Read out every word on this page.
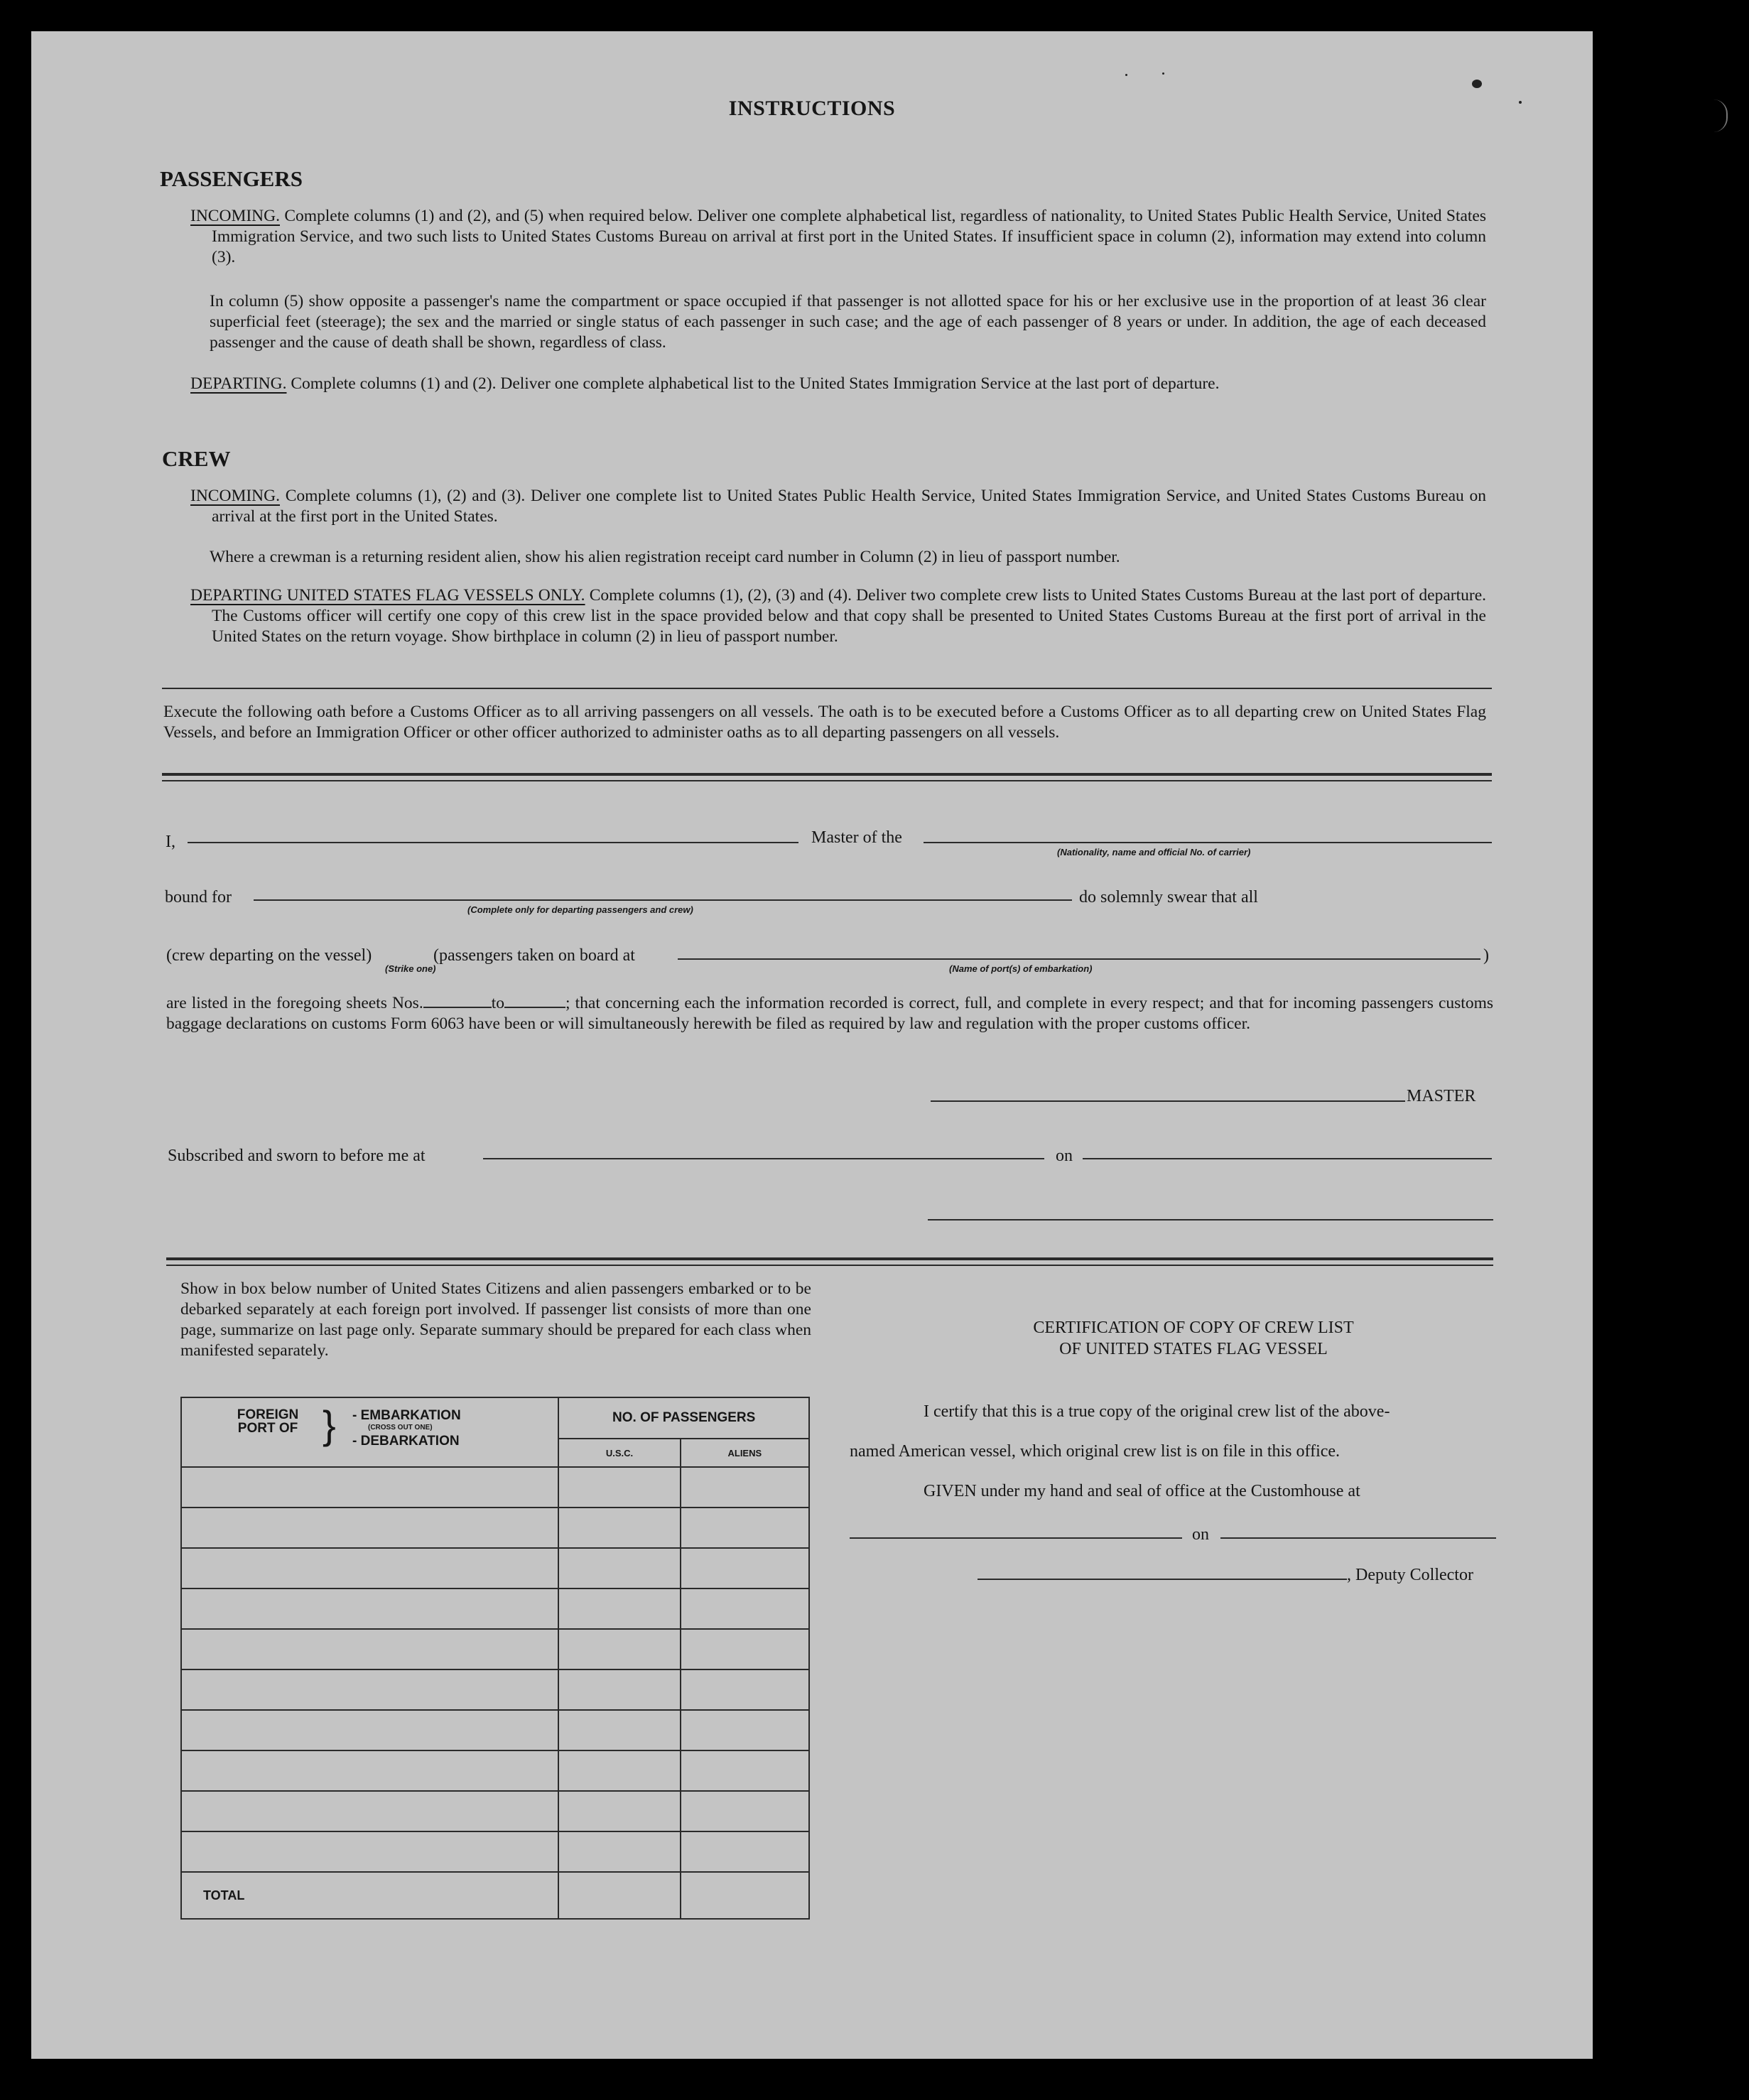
INSTRUCTIONS
PASSENGERS
INCOMING. Complete columns (1) and (2), and (5) when required below. Deliver one complete alphabetical list, regardless of nationality, to United States Public Health Service, United States Immigration Service, and two such lists to United States Customs Bureau on arrival at first port in the United States. If insufficient space in column (2), information may extend into column (3).
In column (5) show opposite a passenger's name the compartment or space occupied if that passenger is not allotted space for his or her exclusive use in the proportion of at least 36 clear superficial feet (steerage); the sex and the married or single status of each passenger in such case; and the age of each passenger of 8 years or under. In addition, the age of each deceased passenger and the cause of death shall be shown, regardless of class.
DEPARTING. Complete columns (1) and (2). Deliver one complete alphabetical list to the United States Immigration Service at the last port of departure.
CREW
INCOMING. Complete columns (1), (2) and (3). Deliver one complete list to United States Public Health Service, United States Immigration Service, and United States Customs Bureau on arrival at the first port in the United States.
Where a crewman is a returning resident alien, show his alien registration receipt card number in Column (2) in lieu of passport number.
DEPARTING UNITED STATES FLAG VESSELS ONLY. Complete columns (1), (2), (3) and (4). Deliver two complete crew lists to United States Customs Bureau at the last port of departure. The Customs officer will certify one copy of this crew list in the space provided below and that copy shall be presented to United States Customs Bureau at the first port of arrival in the United States on the return voyage. Show birthplace in column (2) in lieu of passport number.
Execute the following oath before a Customs Officer as to all arriving passengers on all vessels. The oath is to be executed before a Customs Officer as to all departing crew on United States Flag Vessels, and before an Immigration Officer or other officer authorized to administer oaths as to all departing passengers on all vessels.
I,	Master of the
(Nationality, name and official No. of carrier)
bound for
(Complete only for departing passengers and crew)
do solemnly swear that all
(crew departing on the vessel)
(Strike one)
(passengers taken on board at	)
(Name of port(s) of embarkation)
are listed in the foregoing sheets Nos.	to	; that concerning each the information recorded is correct, full, and complete in every respect; and that for incoming passengers customs baggage declarations on customs Form 6063 have been or will simultaneously herewith be filed as required by law and regulation with the proper customs officer.
MASTER
Subscribed and sworn to before me at	on
Show in box below number of United States Citizens and alien passengers embarked or to be debarked separately at each foreign port involved. If passenger list consists of more than one page, summarize on last page only. Separate summary should be prepared for each class when manifested separately.
FOREIGN PORT OF } - EMBARKATION
(CROSS OUT ONE)
- DEBARKATION	NO. OF PASSENGERS	
	U.S.C.	ALIENS

TOTAL		
CERTIFICATION OF COPY OF CREW LIST
OF UNITED STATES FLAG VESSEL
I certify that this is a true copy of the original crew list of the above-
named American vessel, which original crew list is on file in this office.
GIVEN under my hand and seal of office at the Customhouse at
on
, Deputy Collector
